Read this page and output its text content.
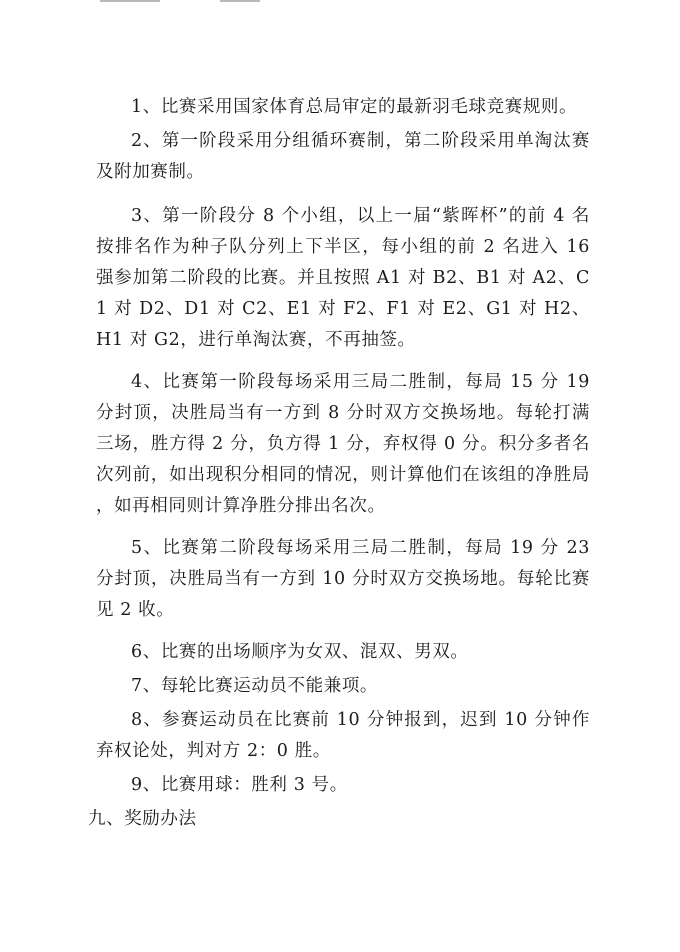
1、比赛采用国家体育总局审定的最新羽毛球竞赛规则。

2、第一阶段采用分组循环赛制，第二阶段采用单淘汰赛及附加赛制。

3、第一阶段分 8 个小组，以上一届“紫晖杯”的前 4 名按排名作为种子队分列上下半区，每小组的前 2 名进入 16 强参加第二阶段的比赛。并且按照 A1 对 B2、B1 对 A2、C1 对 D2、D1 对 C2、E1 对 F2、F1 对 E2、G1 对 H2、H1 对 G2，进行单淘汰赛，不再抽签。

4、比赛第一阶段每场采用三局二胜制，每局 15 分 19 分封顶，决胜局当有一方到 8 分时双方交换场地。每轮打满三场，胜方得 2 分，负方得 1 分，弃权得 0 分。积分多者名次列前，如出现积分相同的情况，则计算他们在该组的净胜局，如再相同则计算净胜分排出名次。

5、比赛第二阶段每场采用三局二胜制，每局 19 分 23 分封顶，决胜局当有一方到 10 分时双方交换场地。每轮比赛见 2 收。

6、比赛的出场顺序为女双、混双、男双。

7、每轮比赛运动员不能兼项。

8、参赛运动员在比赛前 10 分钟报到，迟到 10 分钟作弃权论处，判对方 2：0 胜。

9、比赛用球：胜利 3 号。

九、奖励办法
